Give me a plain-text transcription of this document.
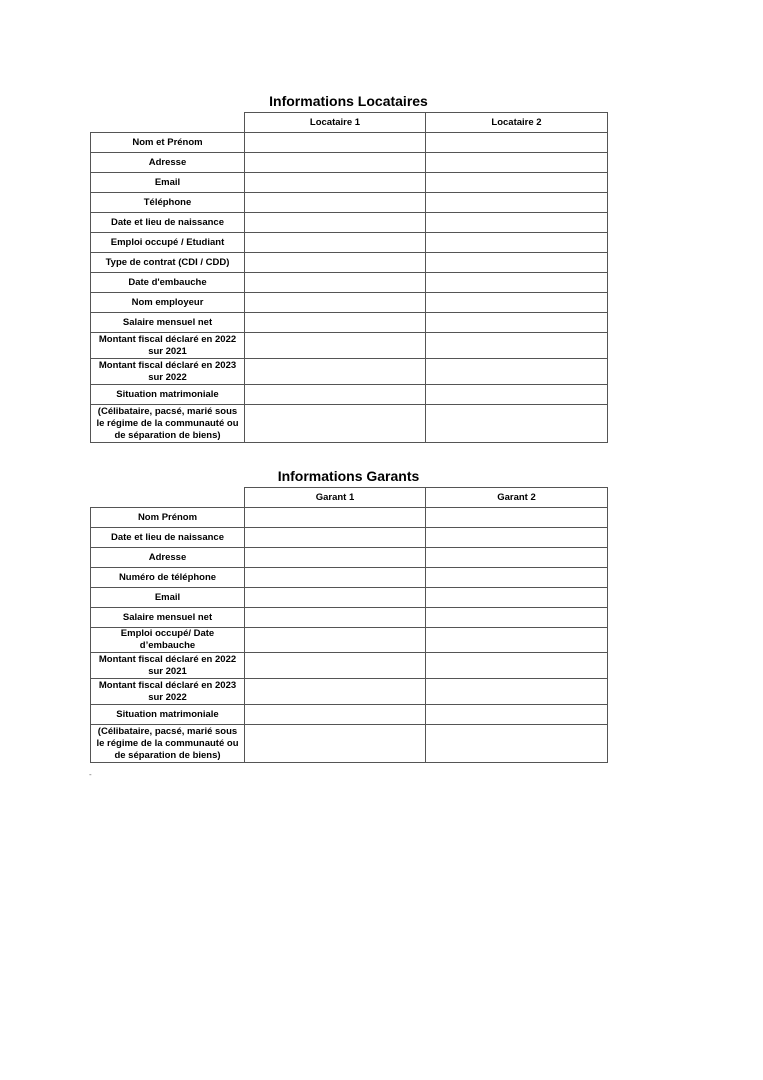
Informations Locataires
	Locataire 1	Locataire 2
Nom et Prénom		
Adresse		
Email		
Téléphone		
Date et lieu de naissance		
Emploi occupé / Etudiant		
Type de contrat (CDI / CDD)		
Date d'embauche		
Nom employeur		
Salaire mensuel net		
Montant fiscal déclaré en 2022 sur 2021		
Montant fiscal déclaré en 2023 sur 2022		
Situation matrimoniale		
(Célibataire, pacsé, marié sous le régime de la communauté ou de séparation de biens)		
Informations Garants
	Garant 1	Garant 2
Nom Prénom		
Date et lieu de naissance		
Adresse		
Numéro de téléphone		
Email		
Salaire mensuel net		
Emploi occupé/ Date d’embauche		
Montant fiscal déclaré en 2022 sur 2021		
Montant fiscal déclaré en 2023 sur 2022		
Situation matrimoniale		
(Célibataire, pacsé, marié sous le régime de la communauté ou de séparation de biens)		
-
